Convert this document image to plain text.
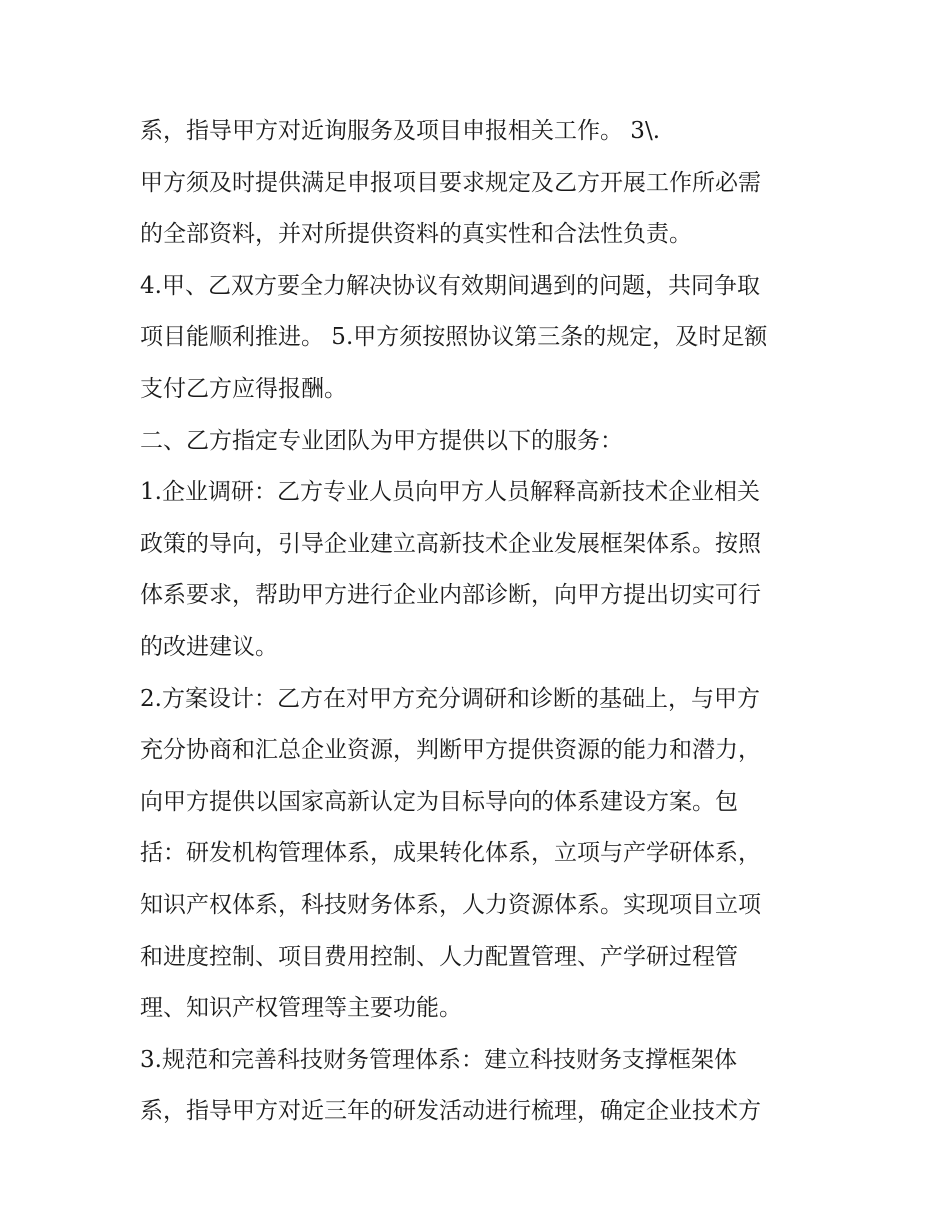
系，指导甲方对近询服务及项目申报相关工作。 3\.
甲方须及时提供满足申报项目要求规定及乙方开展工作所必需
的全部资料，并对所提供资料的真实性和合法性负责。
4.甲、乙双方要全力解决协议有效期间遇到的问题，共同争取
项目能顺利推进。 5.甲方须按照协议第三条的规定，及时足额
支付乙方应得报酬。
二、乙方指定专业团队为甲方提供以下的服务：
1.企业调研：乙方专业人员向甲方人员解释高新技术企业相关
政策的导向，引导企业建立高新技术企业发展框架体系。按照
体系要求，帮助甲方进行企业内部诊断，向甲方提出切实可行
的改进建议。
2.方案设计：乙方在对甲方充分调研和诊断的基础上，与甲方
充分协商和汇总企业资源，判断甲方提供资源的能力和潜力，
向甲方提供以国家高新认定为目标导向的体系建设方案。包
括：研发机构管理体系，成果转化体系，立项与产学研体系，
知识产权体系，科技财务体系，人力资源体系。实现项目立项
和进度控制、项目费用控制、人力配置管理、产学研过程管
理、知识产权管理等主要功能。
3.规范和完善科技财务管理体系：建立科技财务支撑框架体
系，指导甲方对近三年的研发活动进行梳理，确定企业技术方
